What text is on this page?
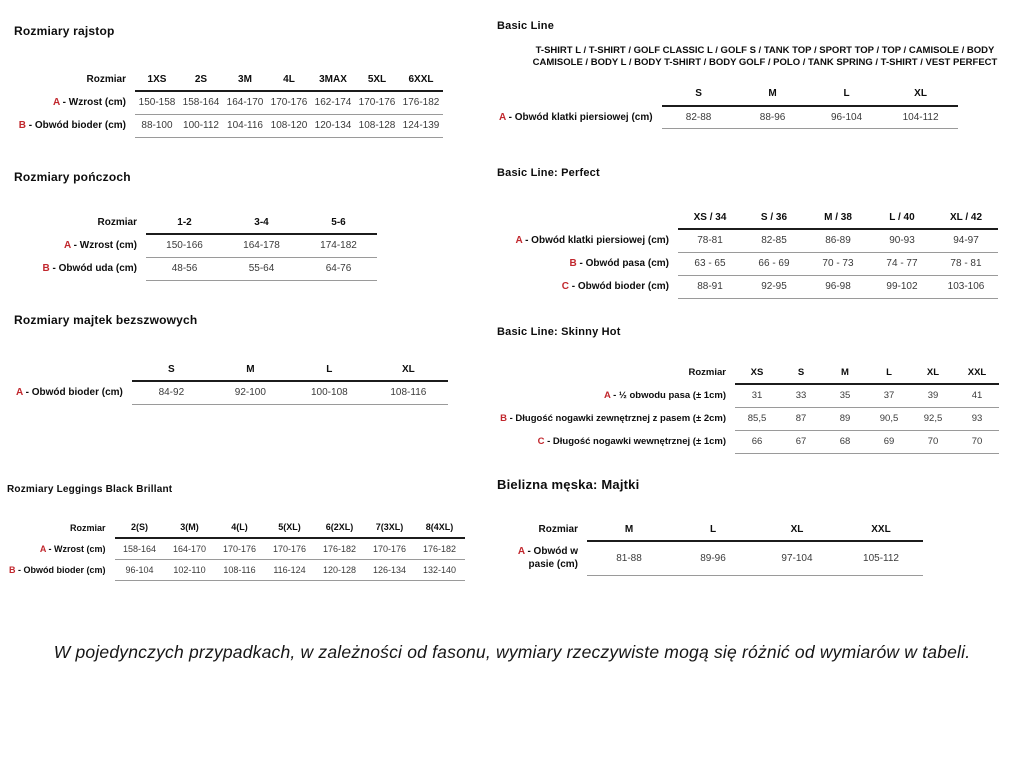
Rozmiary rajstop
Rozmiar	1XS	2S	3M	4L	3MAX	5XL	6XXL
A - Wzrost (cm)	150-158	158-164	164-170	170-176	162-174	170-176	176-182
B - Obwód bioder (cm)	88-100	100-112	104-116	108-120	120-134	108-128	124-139
Rozmiary pończoch
Rozmiar	1-2	3-4	5-6
A - Wzrost (cm)	150-166	164-178	174-182
B - Obwód uda (cm)	48-56	55-64	64-76
Rozmiary majtek bezszwowych
	S	M	L	XL
A - Obwód bioder (cm)	84-92	92-100	100-108	108-116
Rozmiary Leggings Black Brillant
Rozmiar	2(S)	3(M)	4(L)	5(XL)	6(2XL)	7(3XL)	8(4XL)
A - Wzrost (cm)	158-164	164-170	170-176	170-176	176-182	170-176	176-182
B - Obwód bioder (cm)	96-104	102-110	108-116	116-124	120-128	126-134	132-140
Basic Line
T-SHIRT L / T-SHIRT / GOLF CLASSIC L / GOLF S / TANK TOP / SPORT TOP / TOP / CAMISOLE / BODY CAMISOLE / BODY L / BODY T-SHIRT / BODY GOLF / POLO / TANK SPRING / T-SHIRT / VEST PERFECT
	S	M	L	XL
A - Obwód klatki piersiowej (cm)	82-88	88-96	96-104	104-112
Basic Line: Perfect
	XS / 34	S / 36	M / 38	L / 40	XL / 42
A - Obwód klatki piersiowej (cm)	78-81	82-85	86-89	90-93	94-97
B - Obwód pasa (cm)	63 - 65	66 - 69	70 - 73	74 - 77	78 - 81
C - Obwód bioder (cm)	88-91	92-95	96-98	99-102	103-106
Basic Line: Skinny Hot
Rozmiar	XS	S	M	L	XL	XXL
A - ½ obwodu pasa (± 1cm)	31	33	35	37	39	41
B - Długość nogawki zewnętrznej z pasem (± 2cm)	85,5	87	89	90,5	92,5	93
C - Długość nogawki wewnętrznej (± 1cm)	66	67	68	69	70	70
Bielizna męska: Majtki
Rozmiar	M	L	XL	XXL
A - Obwód w pasie (cm)	81-88	89-96	97-104	105-112
W pojedynczych przypadkach, w zależności od fasonu, wymiary rzeczywiste mogą się różnić od wymiarów w tabeli.
